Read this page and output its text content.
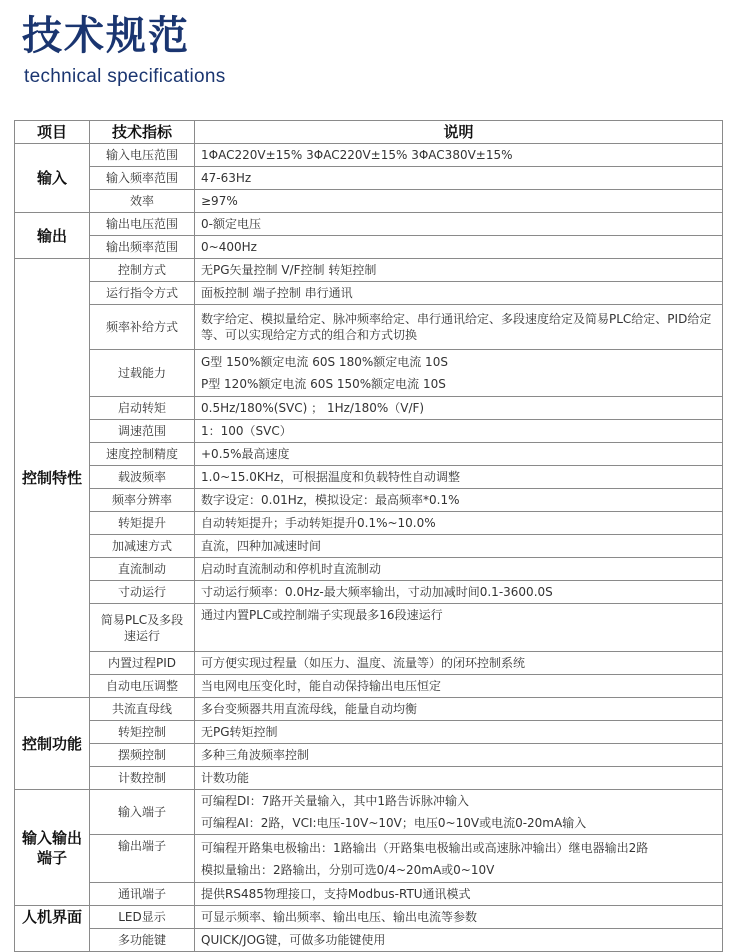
技术规范
technical specifications
项目	技术指标	说明
输入	输入电压范围	1ΦAC220V±15% 3ΦAC220V±15% 3ΦAC380V±15%
	输入频率范围	47-63Hz
	效率	≥97%
输出	输出电压范围	0-额定电压
	输出频率范围	0~400Hz
控制特性	控制方式	无PG矢量控制 V/F控制 转矩控制
	运行指令方式	面板控制 端子控制 串行通讯
	频率补给方式	数字给定、模拟量给定、脉冲频率给定、串行通讯给定、多段速度给定及简易PLC给定、PID给定等、可以实现给定方式的组合和方式切换
	过载能力	G型 150%额定电流 60S 180%额定电流 10S
P型 120%额定电流 60S 150%额定电流 10S

	启动转矩	0.5Hz/180%(SVC) ； 1Hz/180%（V/F)
	调速范围	1：100（SVC）
	速度控制精度	+0.5%最高速度
	载波频率	1.0~15.0KHz，可根据温度和负载特性自动调整
	频率分辨率	数字设定：0.01Hz，模拟设定：最高频率*0.1%
	转矩提升	自动转矩提升；手动转矩提升0.1%~10.0%
	加减速方式	直流，四种加减速时间
	直流制动	启动时直流制动和停机时直流制动
	寸动运行	寸动运行频率：0.0Hz-最大频率输出，寸动加减时间0.1-3600.0S
	简易PLC及多段速运行	通过内置PLC或控制端子实现最多16段速运行
	内置过程PID	可方便实现过程量（如压力、温度、流量等）的闭环控制系统
	自动电压调整	当电网电压变化时，能自动保持输出电压恒定
控制功能	共流直母线	多台变频器共用直流母线，能量自动均衡
	转矩控制	无PG转矩控制
	摆频控制	多种三角波频率控制
	计数控制	计数功能
输入输出端子	输入端子	可编程DI：7路开关量输入，其中1路告诉脉冲输入
可编程AI：2路，VCI:电压-10V~10V；电压0~10V或电流0-20mA输入

	输出端子	可编程开路集电极输出：1路输出（开路集电极输出或高速脉冲输出）继电器输出2路
模拟量输出：2路输出，分别可选0/4~20mA或0~10V

	通讯端子	提供RS485物理接口，支持Modbus-RTU通讯模式
人机界面	LED显示	可显示频率、输出频率、输出电压、输出电流等参数
	多功能键	QUICK/JOG键，可做多功能键使用
